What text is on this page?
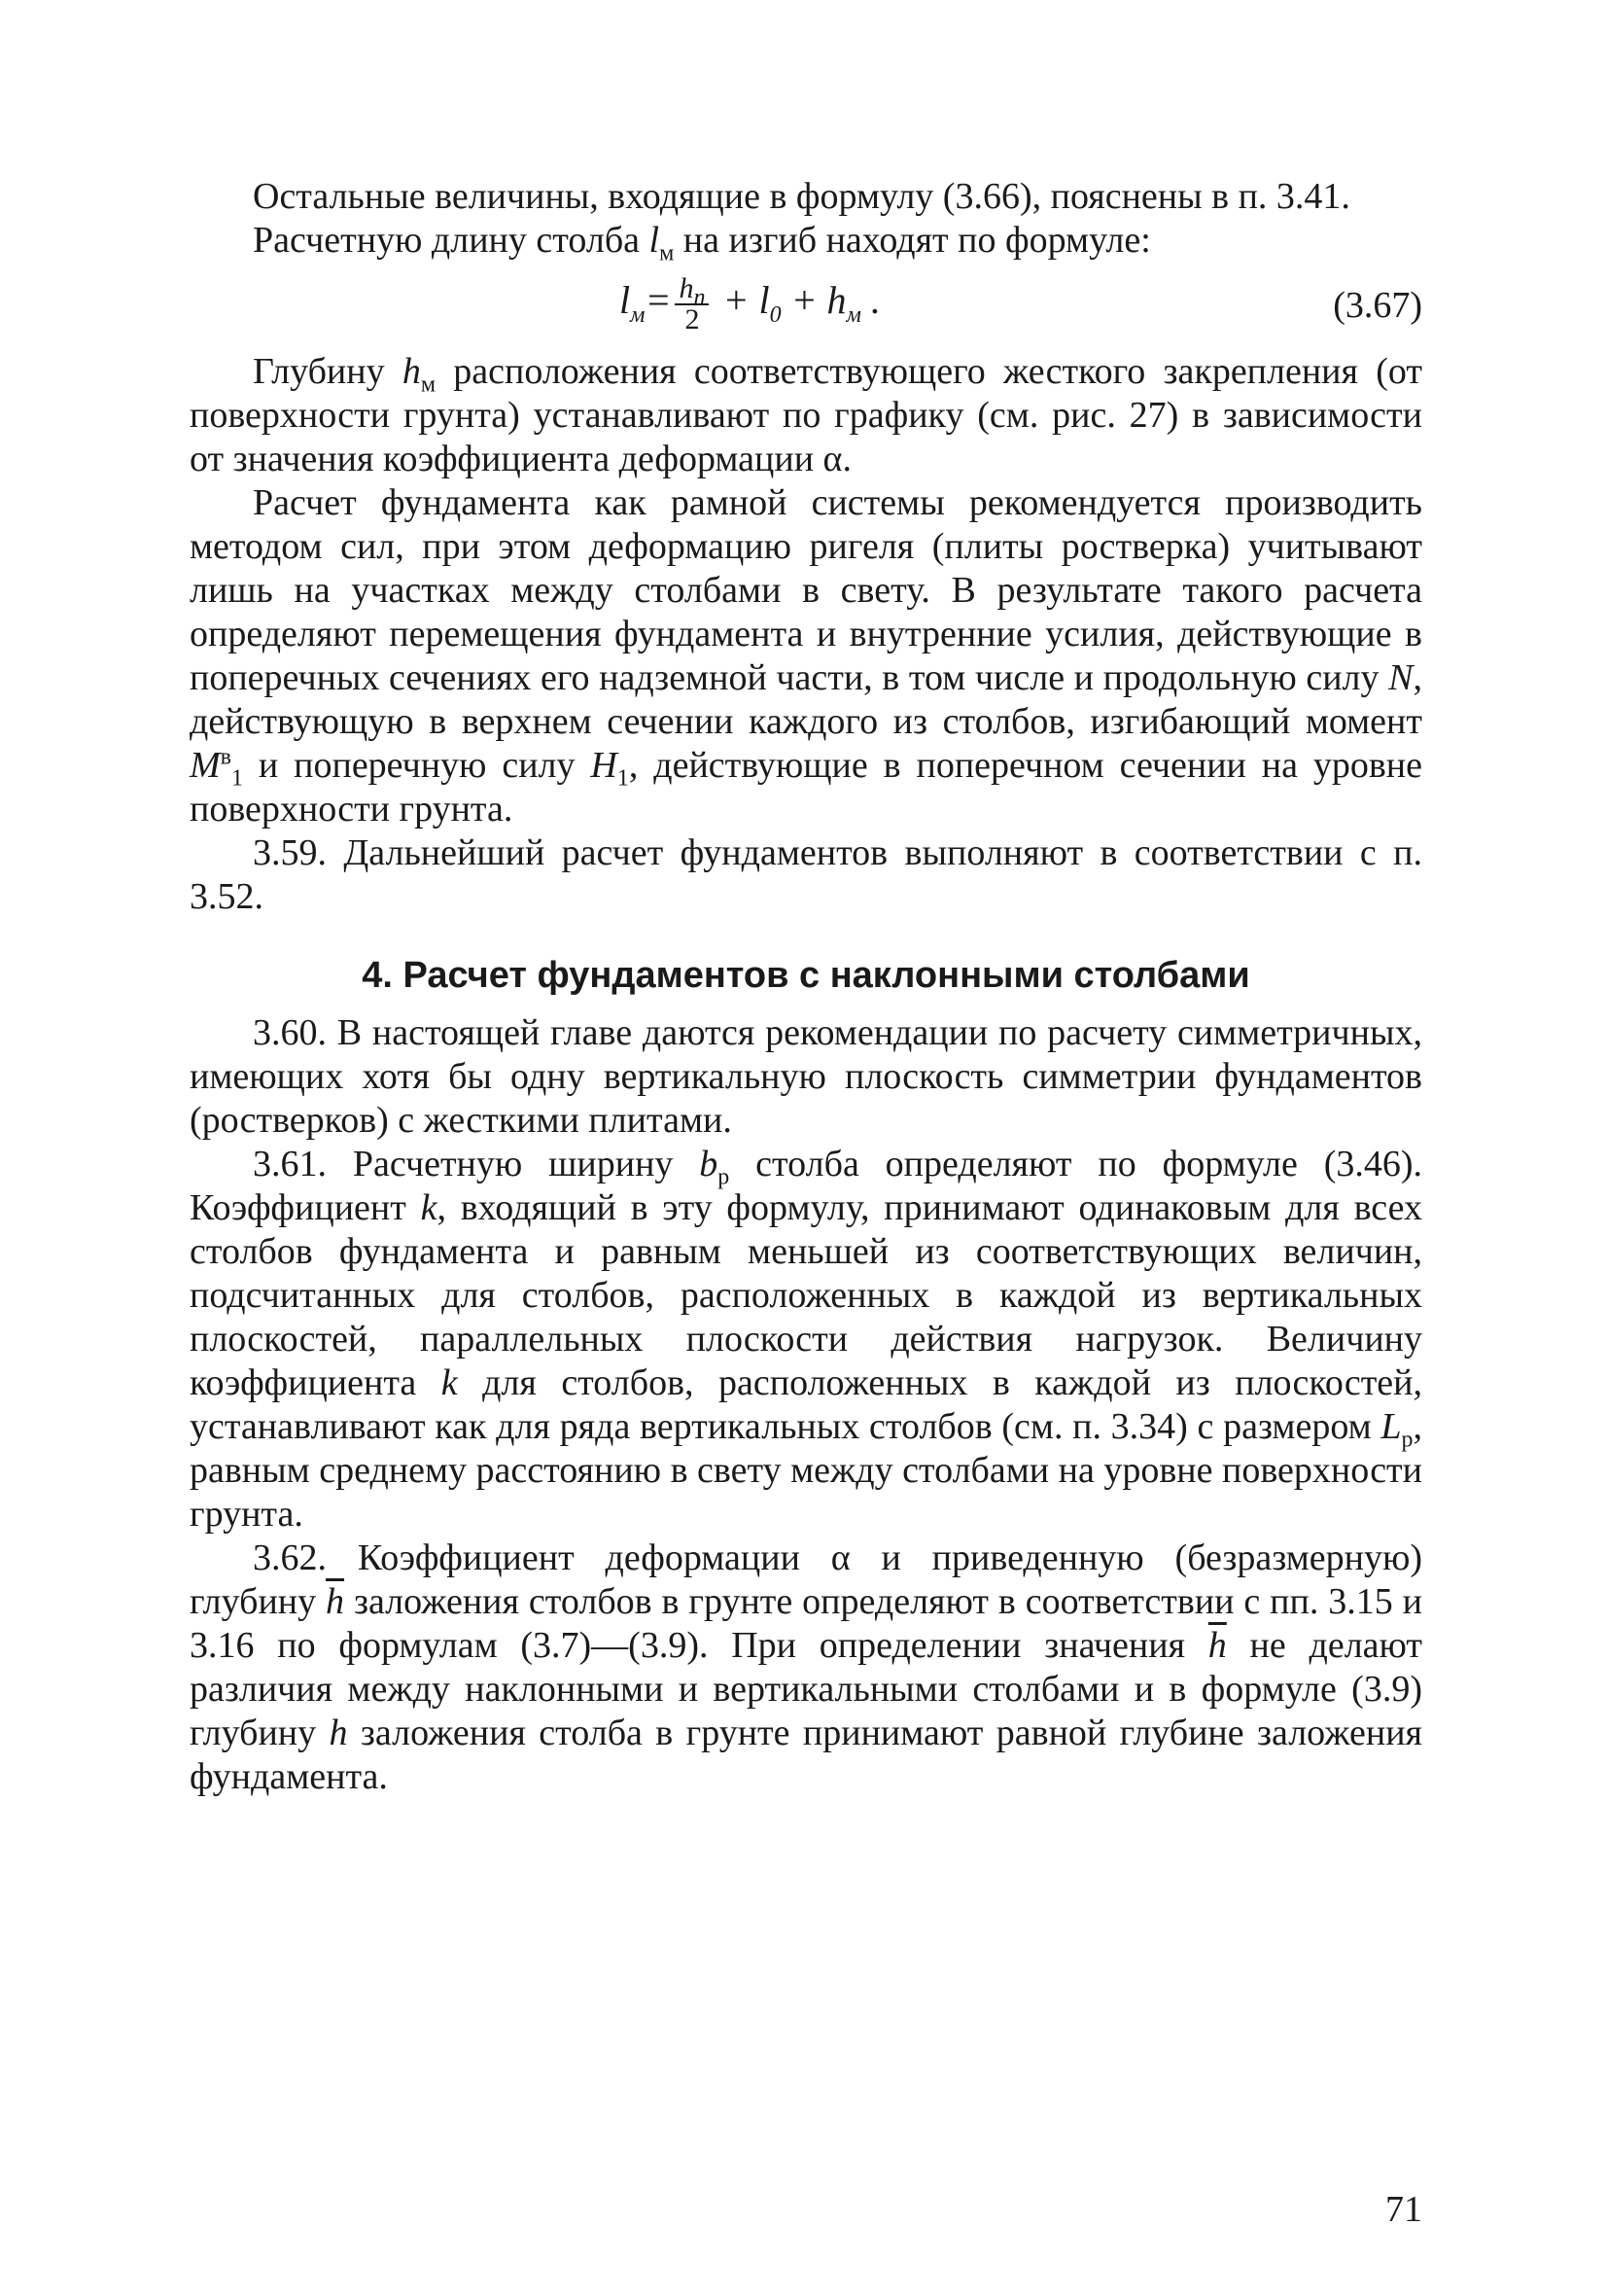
Остальные величины, входящие в формулу (3.66), пояснены в п. 3.41.

Расчетную длину столба $l_м$ на изгиб находят по формуле:

$l_м= \frac{h_п}{2} + l_0 + h_м$ .	(3.67)

Глубину $h_м$ расположения соответствующего жесткого закрепления (от поверхности грунта) устанавливают по графику (см. рис. 27) в зависимости от значения коэффициента деформации α.

Расчет фундамента как рамной системы рекомендуется производить методом сил, при этом деформацию ригеля (плиты ростверка) учитывают лишь на участках между столбами в свету. В результате такого расчета определяют перемещения фундамента и внутренние усилия, действующие в поперечных сечениях его надземной части, в том числе и продольную силу N, действующую в верхнем сечении каждого из столбов, изгибающий момент $M^в_1$ и поперечную силу $H_1$, действующие в поперечном сечении на уровне поверхности грунта.

3.59. Дальнейший расчет фундаментов выполняют в соответствии с п. 3.52.

4. Расчет фундаментов с наклонными столбами

3.60. В настоящей главе даются рекомендации по расчету симметричных, имеющих хотя бы одну вертикальную плоскость симметрии фундаментов (ростверков) с жесткими плитами.

3.61. Расчетную ширину $b_р$ столба определяют по формуле (3.46). Коэффициент k, входящий в эту формулу, принимают одинаковым для всех столбов фундамента и равным меньшей из соответствующих величин, подсчитанных для столбов, расположенных в каждой из вертикальных плоскостей, параллельных плоскости действия нагрузок. Величину коэффициента k для столбов, расположенных в каждой из плоскостей, устанавливают как для ряда вертикальных столбов (см. п. 3.34) с размером $L_р$, равным среднему расстоянию в свету между столбами на уровне поверхности грунта.

3.62. Коэффициент деформации α и приведенную (безразмерную) глубину $\overline{h}$ заложения столбов в грунте определяют в соответствии с пп. 3.15 и 3.16 по формулам (3.7)—(3.9). При определении значения $\overline{h}$ не делают различия между наклонными и вертикальными столбами и в формуле (3.9) глубину h заложения столба в грунте принимают равной глубине заложения фундамента.

71
